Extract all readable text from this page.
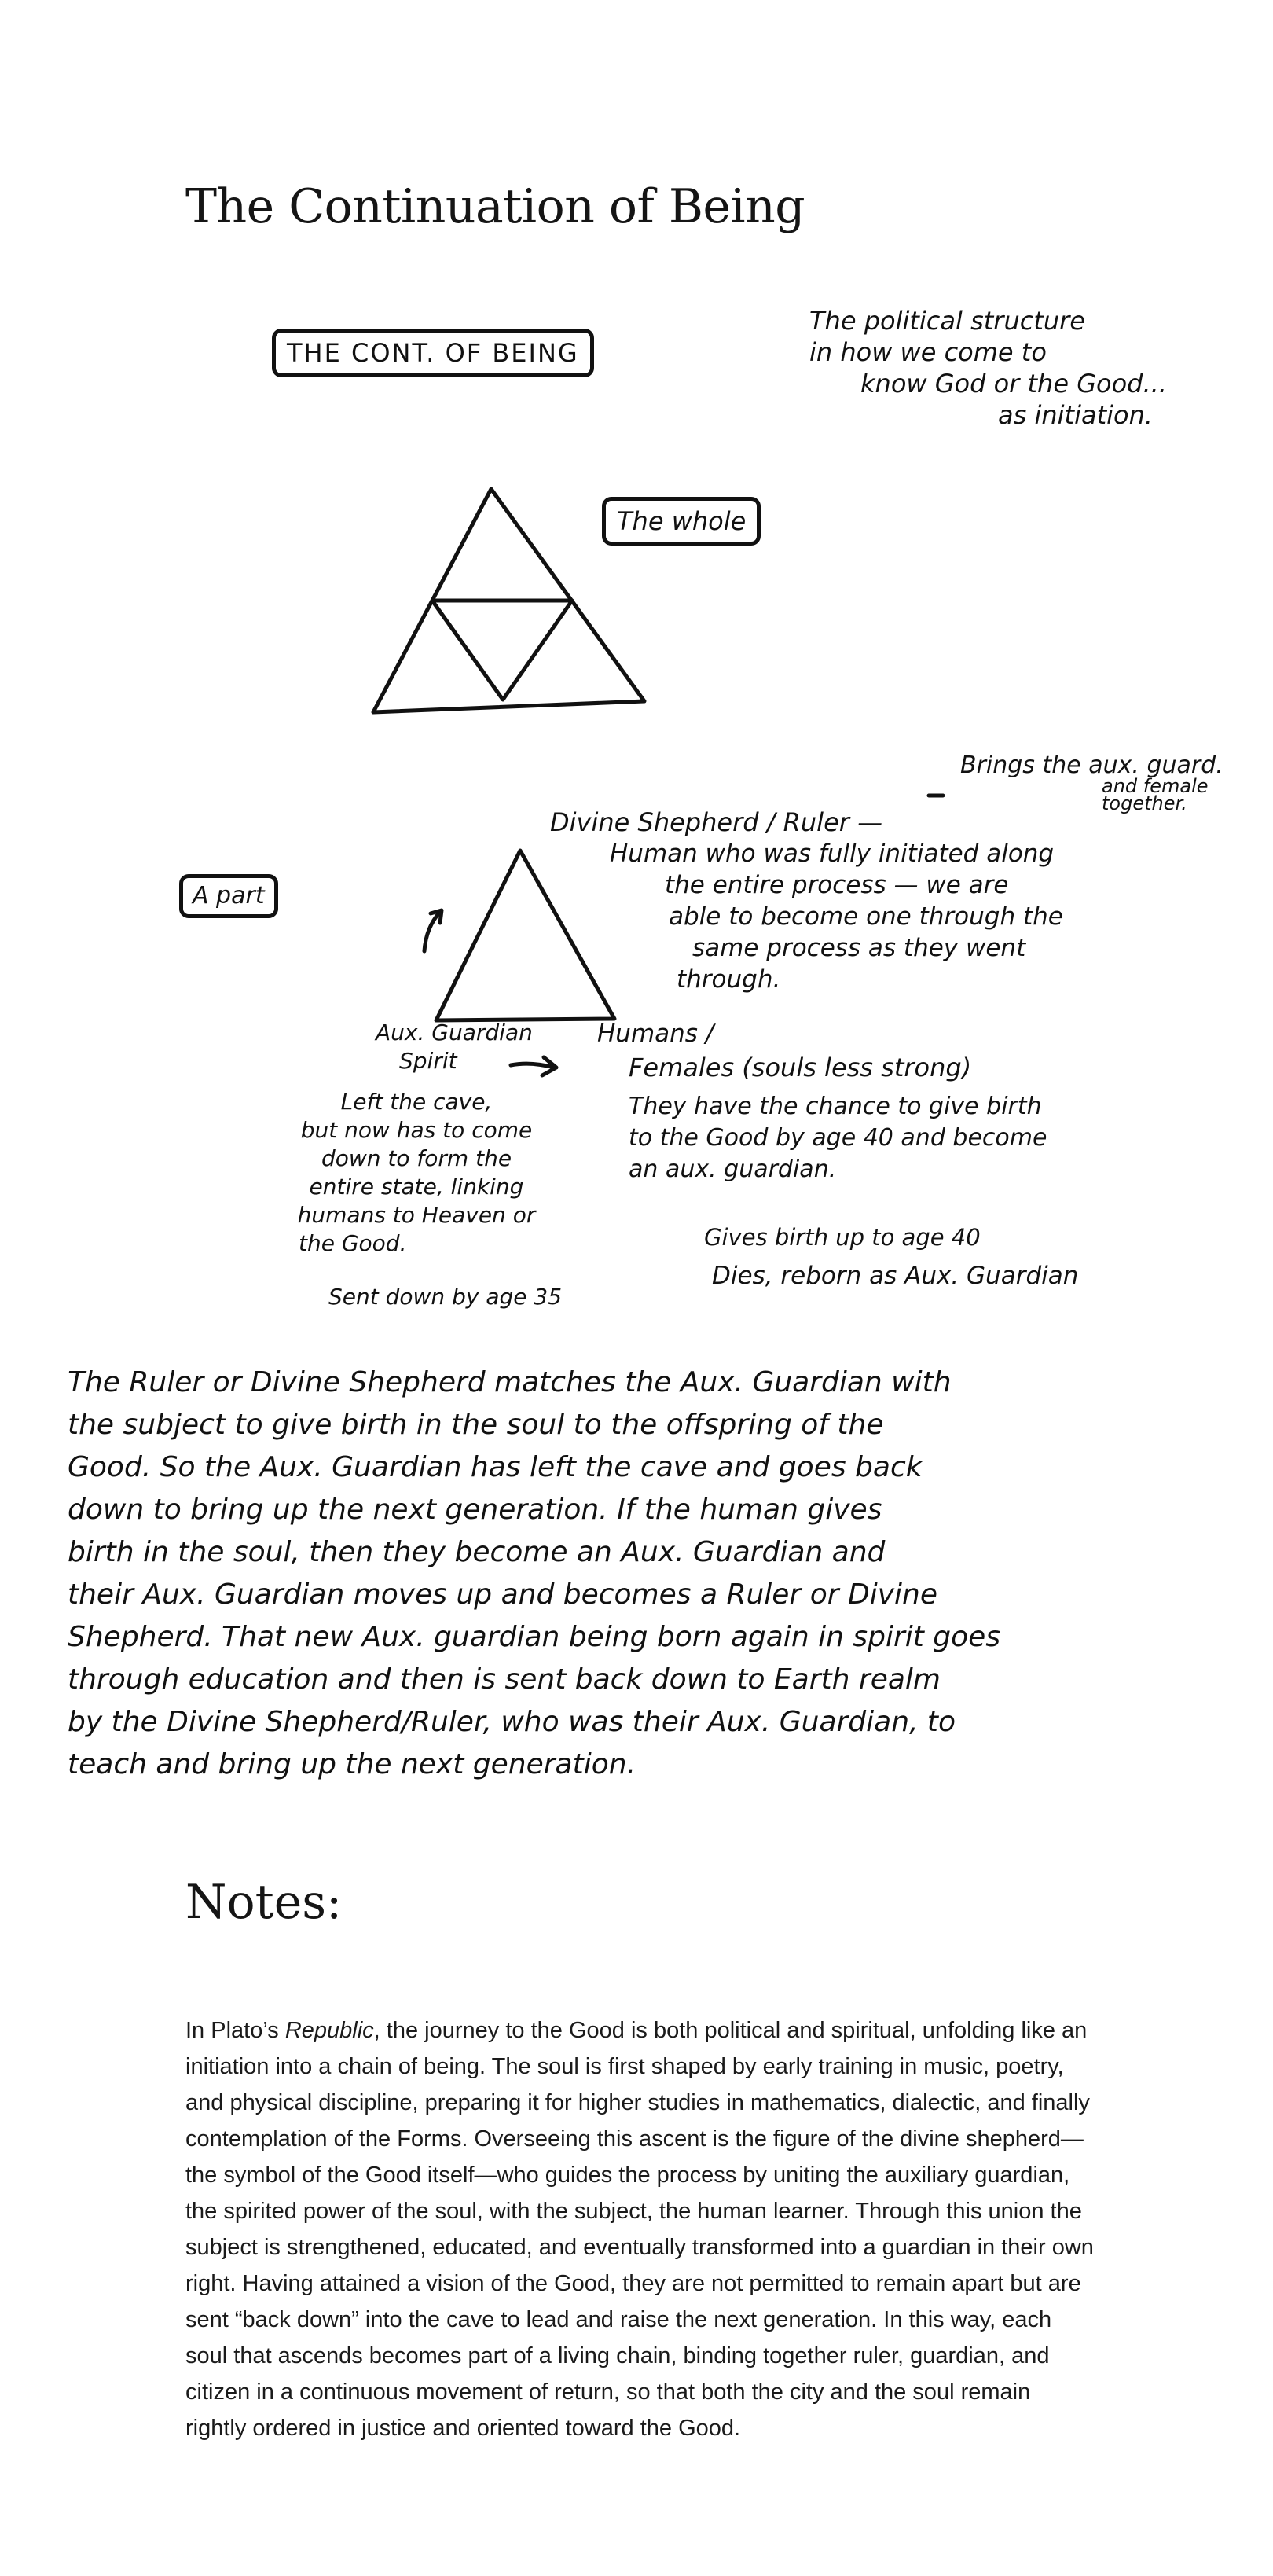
The Continuation of Being
THE CONT. OF BEING
The political structure
in how we come to
know God or the Good...
as initiation.
The whole
A part
Brings the aux. guard.
and female
together.
Divine Shepherd / Ruler —
Human who was fully initiated along
the entire process — we are
able to become one through the
same process as they went
through.
Aux. Guardian
Spirit
Left the cave,
but now has to come
down to form the
entire state, linking
humans to Heaven or
the Good.
Sent down by age 35
Humans /
Females (souls less strong)
They have the chance to give birth
to the Good by age 40 and become
an aux. guardian.
Gives birth up to age 40
Dies, reborn as Aux. Guardian
The Ruler or Divine Shepherd matches the Aux. Guardian with
the subject to give birth in the soul to the offspring of the
Good. So the Aux. Guardian has left the cave and goes back
down to bring up the next generation. If the human gives
birth in the soul, then they become an Aux. Guardian and
their Aux. Guardian moves up and becomes a Ruler or Divine
Shepherd. That new Aux. guardian being born again in spirit goes
through education and then is sent back down to Earth realm
by the Divine Shepherd/Ruler, who was their Aux. Guardian, to
teach and bring up the next generation.
Notes:

In Plato’s Republic, the journey to the Good is both political and spiritual, unfolding like an initiation into a chain of being. The soul is first shaped by early training in music, poetry, and physical discipline, preparing it for higher studies in mathematics, dialectic, and finally contemplation of the Forms. Overseeing this ascent is the figure of the divine shepherd—the symbol of the Good itself—who guides the process by uniting the auxiliary guardian, the spirited power of the soul, with the subject, the human learner. Through this union the subject is strengthened, educated, and eventually transformed into a guardian in their own right. Having attained a vision of the Good, they are not permitted to remain apart but are sent “back down” into the cave to lead and raise the next generation. In this way, each soul that ascends becomes part of a living chain, binding together ruler, guardian, and citizen in a continuous movement of return, so that both the city and the soul remain rightly ordered in justice and oriented toward the Good.
